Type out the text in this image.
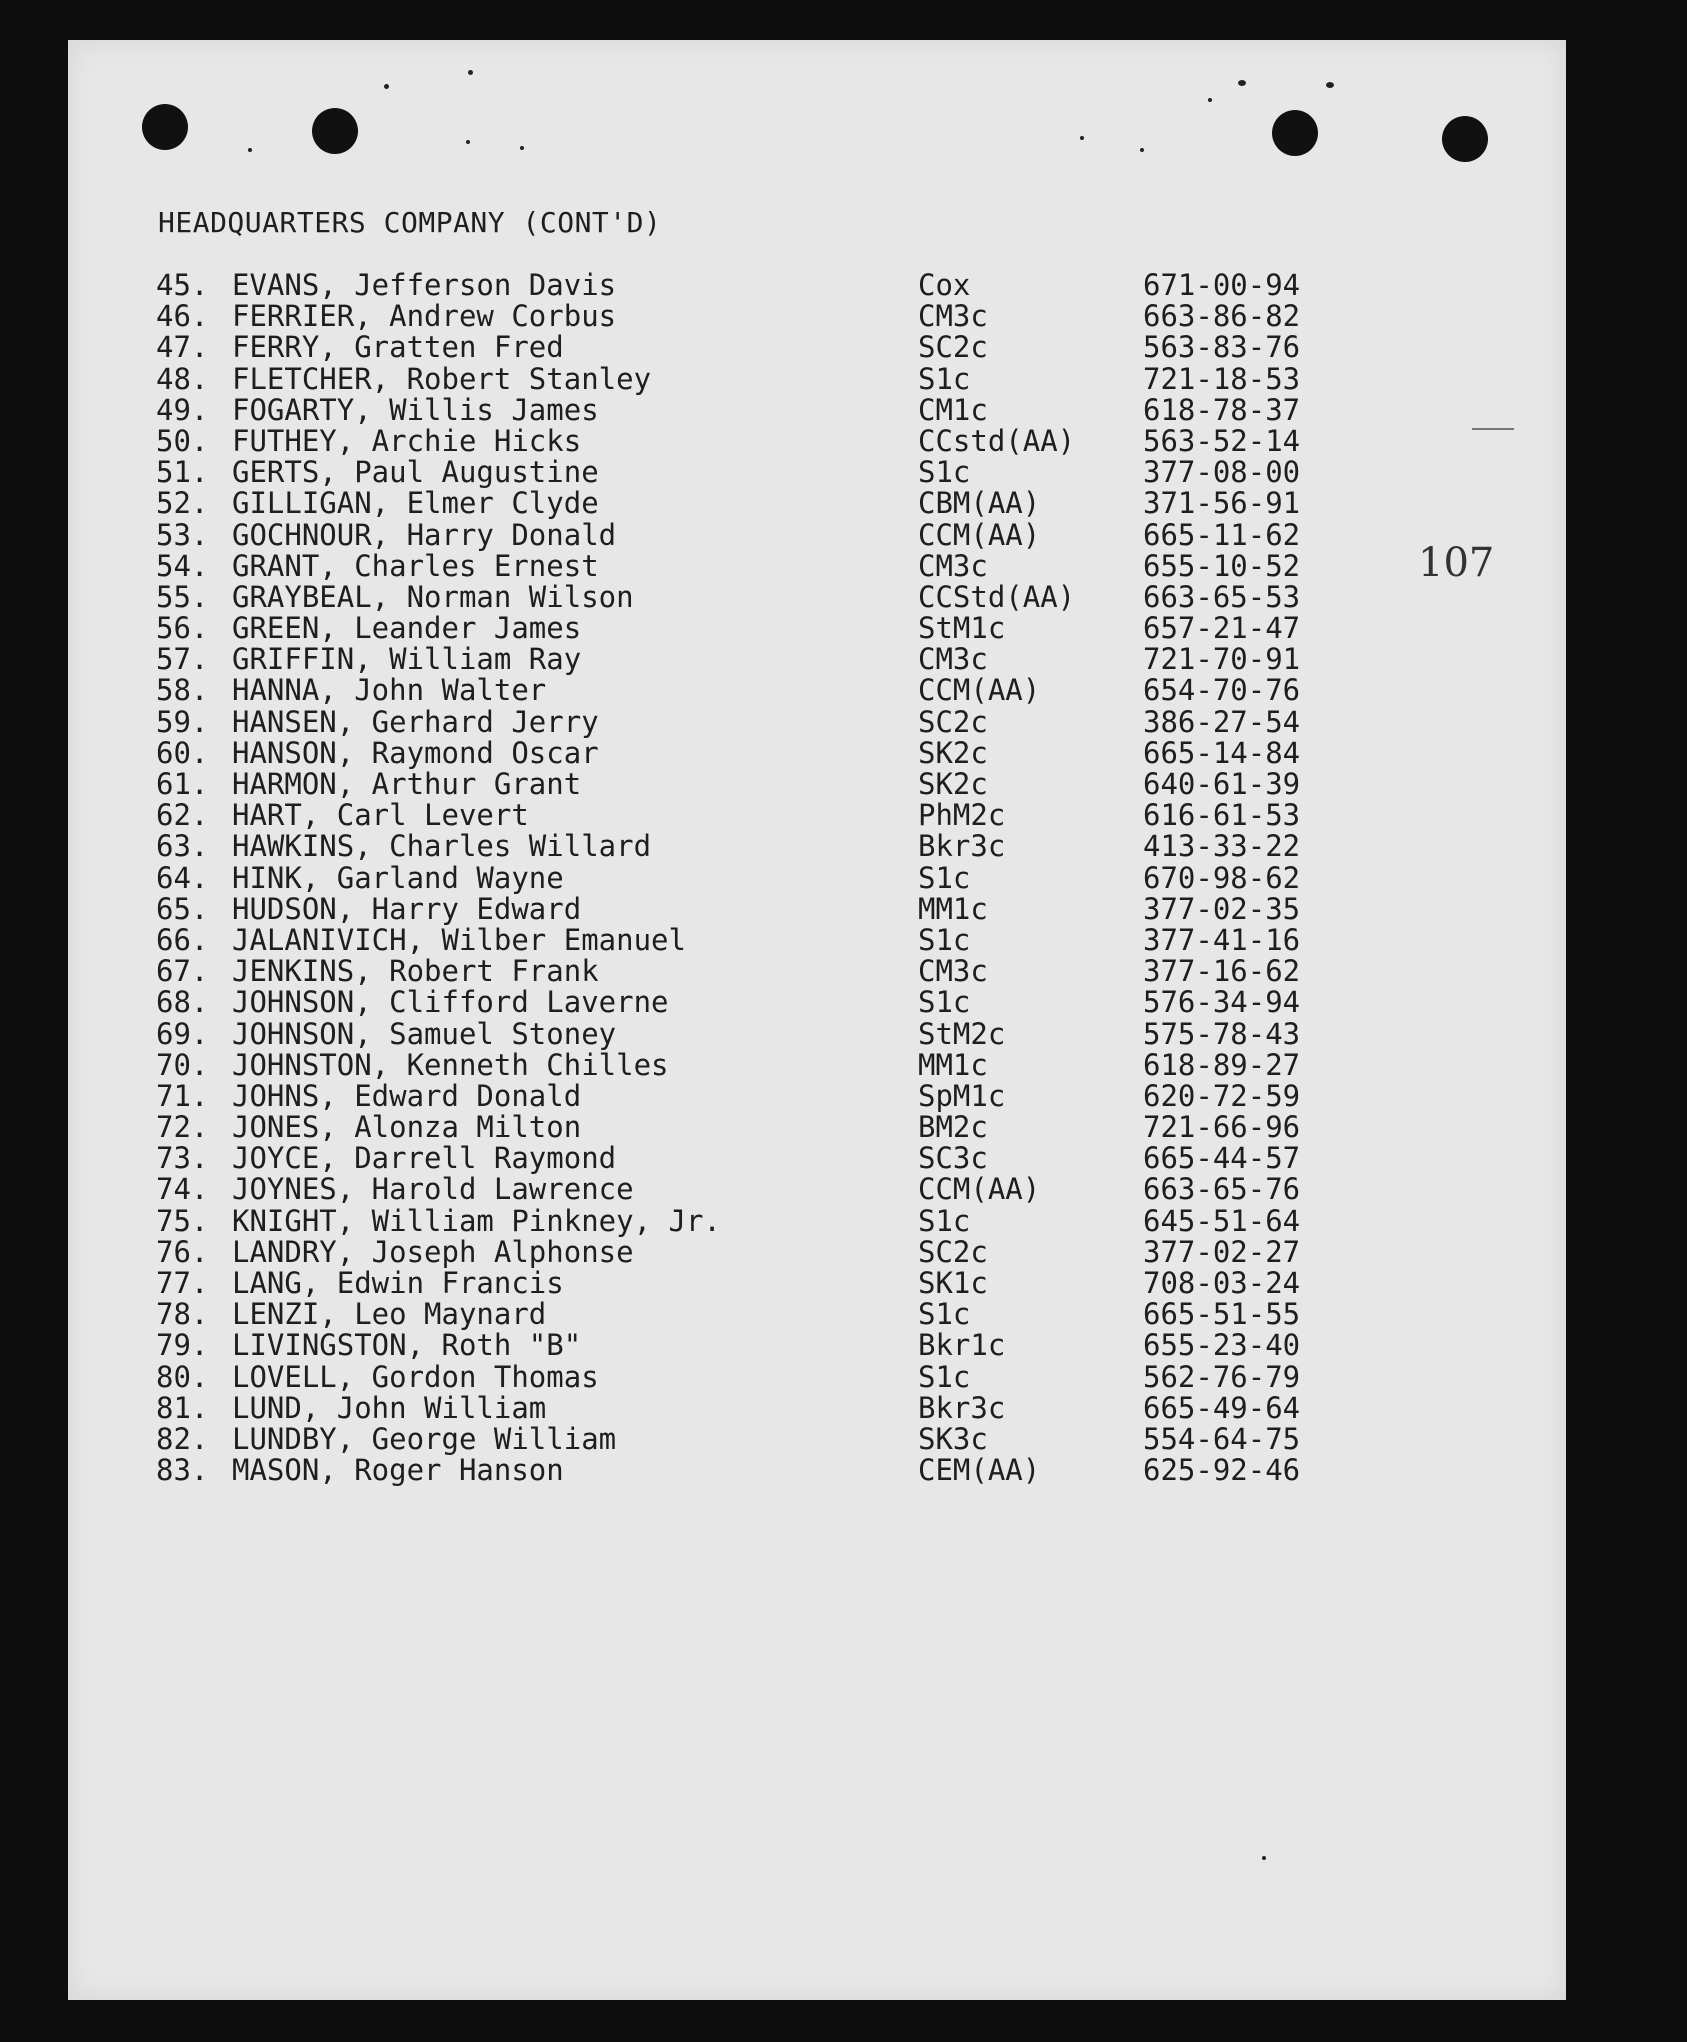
HEADQUARTERS COMPANY (CONT'D)
107
45. EVANS, Jefferson Davis	Cox	671-00-94
46. FERRIER, Andrew Corbus	CM3c	663-86-82
47. FERRY, Gratten Fred	SC2c	563-83-76
48. FLETCHER, Robert Stanley	S1c	721-18-53
49. FOGARTY, Willis James	CM1c	618-78-37
50. FUTHEY, Archie Hicks	CCstd(AA) 563-52-14
51. GERTS, Paul Augustine	S1c	377-08-00
52. GILLIGAN, Elmer Clyde	CBM(AA)	371-56-91
53. GOCHNOUR, Harry Donald	CCM(AA)	665-11-62
54. GRANT, Charles Ernest	CM3c	655-10-52
55. GRAYBEAL, Norman Wilson	CCStd(AA) 663-65-53
56. GREEN, Leander James	StM1c	657-21-47
57. GRIFFIN, William Ray	CM3c	721-70-91
58. HANNA, John Walter	CCM(AA)	654-70-76
59. HANSEN, Gerhard Jerry	SC2c	386-27-54
60. HANSON, Raymond Oscar	SK2c	665-14-84
61. HARMON, Arthur Grant	SK2c	640-61-39
62. HART, Carl Levert	PhM2c	616-61-53
63. HAWKINS, Charles Willard	Bkr3c	413-33-22
64. HINK, Garland Wayne	S1c	670-98-62
65. HUDSON, Harry Edward	MM1c	377-02-35
66. JALANIVICH, Wilber Emanuel	S1c	377-41-16
67. JENKINS, Robert Frank	CM3c	377-16-62
68. JOHNSON, Clifford Laverne	S1c	576-34-94
69. JOHNSON, Samuel Stoney	StM2c	575-78-43
70. JOHNSTON, Kenneth Chilles	MM1c	618-89-27
71. JOHNS, Edward Donald	SpM1c	620-72-59
72. JONES, Alonza Milton	BM2c	721-66-96
73. JOYCE, Darrell Raymond	SC3c	665-44-57
74. JOYNES, Harold Lawrence	CCM(AA)	663-65-76
75. KNIGHT, William Pinkney, Jr.	S1c	645-51-64
76. LANDRY, Joseph Alphonse	SC2c	377-02-27
77. LANG, Edwin Francis	SK1c	708-03-24
78. LENZI, Leo Maynard	S1c	665-51-55
79. LIVINGSTON, Roth "B"	Bkr1c	655-23-40
80. LOVELL, Gordon Thomas	S1c	562-76-79
81. LUND, John William	Bkr3c	665-49-64
82. LUNDBY, George William	SK3c	554-64-75
83. MASON, Roger Hanson	CEM(AA)	625-92-46
